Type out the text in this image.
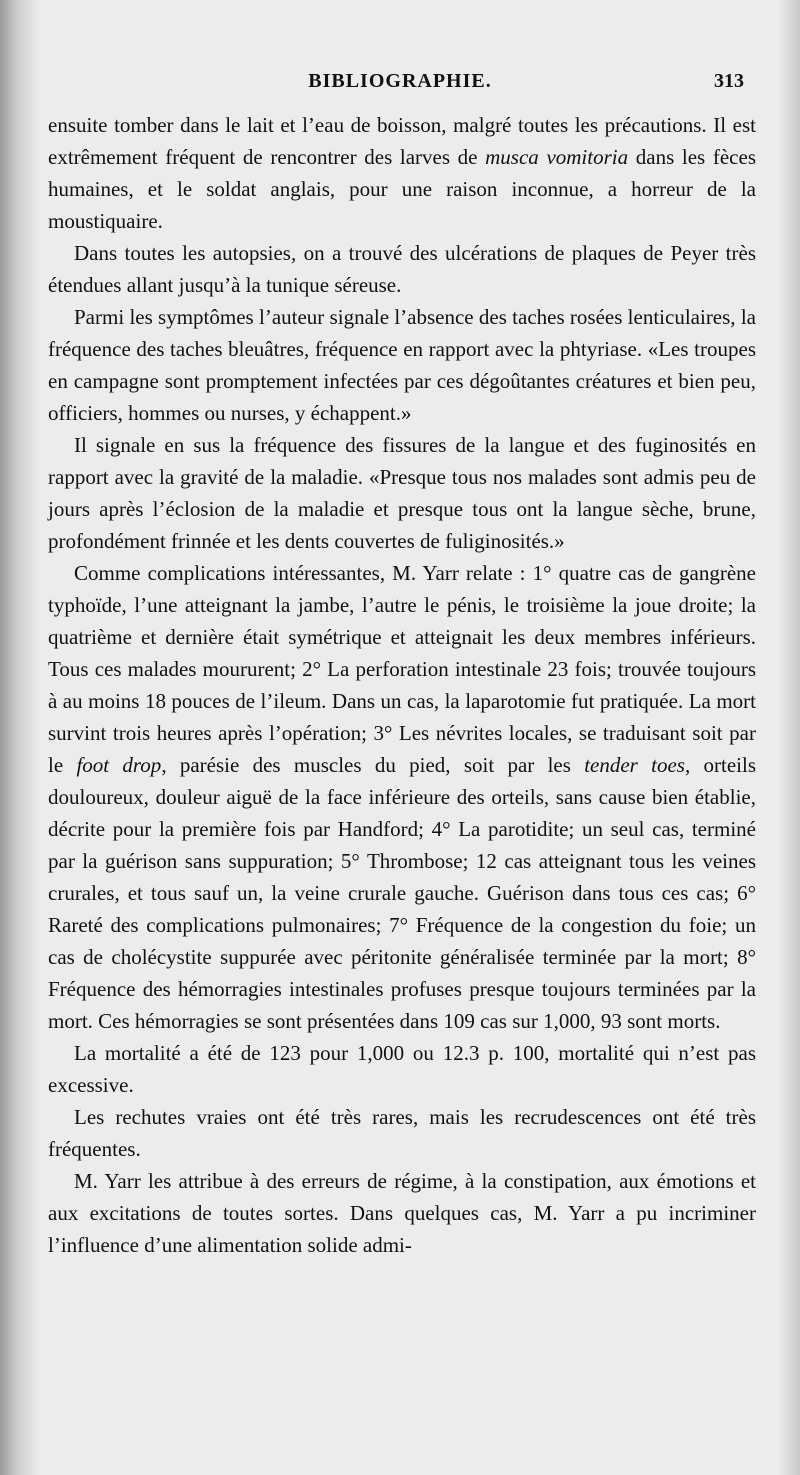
BIBLIOGRAPHIE.	313

ensuite tomber dans le lait et l’eau de boisson, malgré toutes les précautions. Il est extrêmement fréquent de rencontrer des larves de musca vomitoria dans les fèces humaines, et le soldat anglais, pour une raison inconnue, a horreur de la moustiquaire.

Dans toutes les autopsies, on a trouvé des ulcérations de plaques de Peyer très étendues allant jusqu’à la tunique séreuse.

Parmi les symptômes l’auteur signale l’absence des taches rosées lenticulaires, la fréquence des taches bleuâtres, fréquence en rapport avec la phtyriase. «Les troupes en campagne sont promptement infectées par ces dégoûtantes créatures et bien peu, officiers, hommes ou nurses, y échappent.»

Il signale en sus la fréquence des fissures de la langue et des fuginosités en rapport avec la gravité de la maladie. «Presque tous nos malades sont admis peu de jours après l’éclosion de la maladie et presque tous ont la langue sèche, brune, profondément frinnée et les dents couvertes de fuliginosités.»

Comme complications intéressantes, M. Yarr relate : 1° quatre cas de gangrène typhoïde, l’une atteignant la jambe, l’autre le pénis, le troisième la joue droite; la quatrième et dernière était symétrique et atteignait les deux membres inférieurs. Tous ces malades moururent; 2° La perforation intestinale 23 fois; trouvée toujours à au moins 18 pouces de l’ileum. Dans un cas, la laparotomie fut pratiquée. La mort survint trois heures après l’opération; 3° Les névrites locales, se traduisant soit par le foot drop, parésie des muscles du pied, soit par les tender toes, orteils douloureux, douleur aiguë de la face inférieure des orteils, sans cause bien établie, décrite pour la première fois par Handford; 4° La parotidite; un seul cas, terminé par la guérison sans suppuration; 5° Thrombose; 12 cas atteignant tous les veines crurales, et tous sauf un, la veine crurale gauche. Guérison dans tous ces cas; 6° Rareté des complications pulmonaires; 7° Fréquence de la congestion du foie; un cas de cholécystite suppurée avec péritonite généralisée terminée par la mort; 8° Fréquence des hémorragies intestinales profuses presque toujours terminées par la mort. Ces hémorragies se sont présentées dans 109 cas sur 1,000, 93 sont morts.

La mortalité a été de 123 pour 1,000 ou 12.3 p. 100, mortalité qui n’est pas excessive.

Les rechutes vraies ont été très rares, mais les recrudescences ont été très fréquentes.

M. Yarr les attribue à des erreurs de régime, à la constipation, aux émotions et aux excitations de toutes sortes. Dans quelques cas, M. Yarr a pu incriminer l’influence d’une alimentation solide admi-
